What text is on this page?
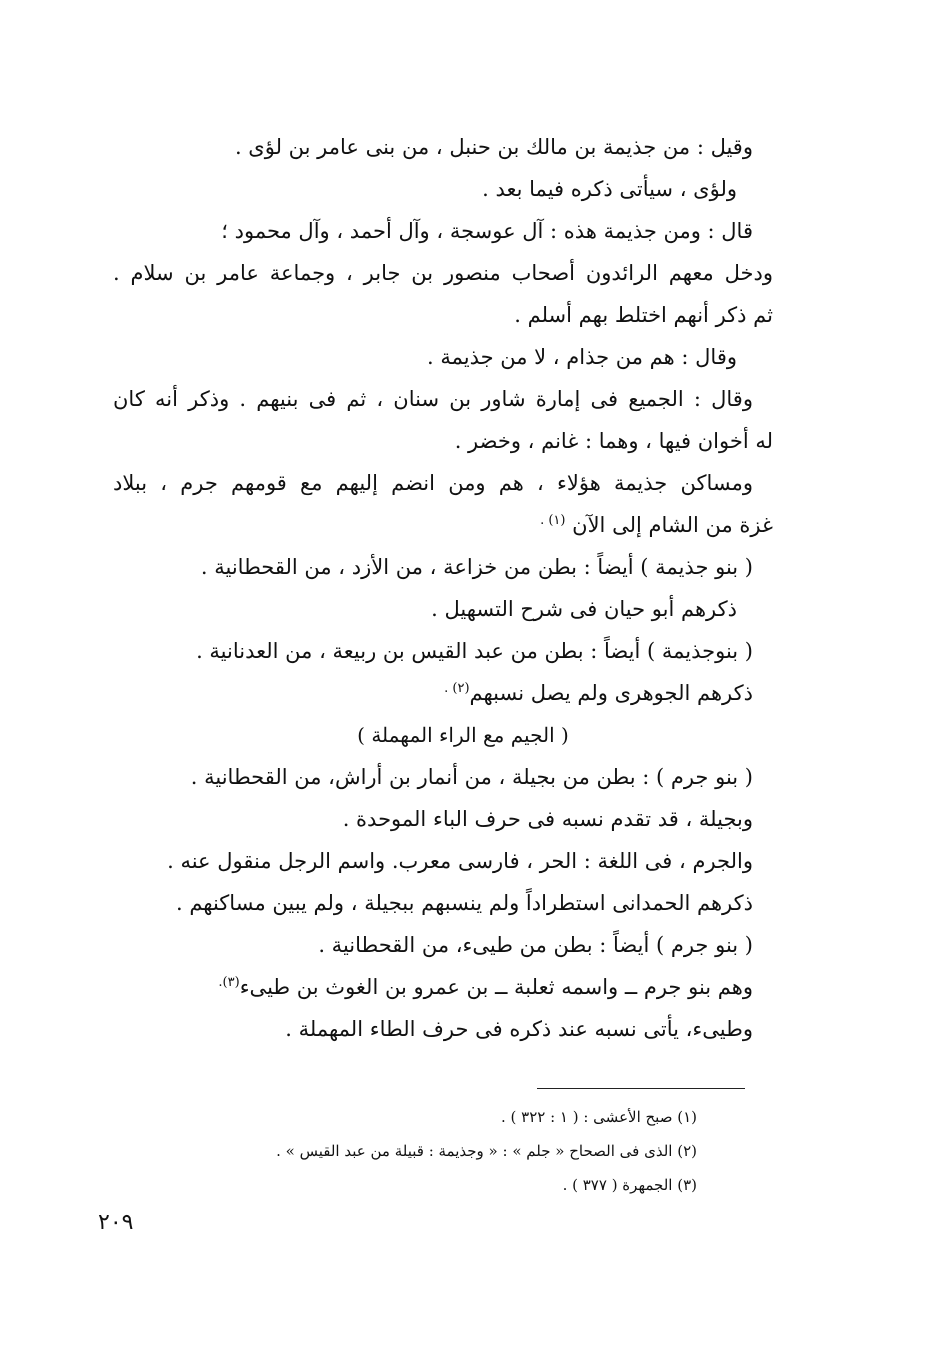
وقيل : من جذيمة بن مالك بن حنبل ، من بنى عامر بن لؤى .
ولؤى ، سيأتى ذكره فيما بعد .
قال : ومن جذيمة هذه : آل عوسجة ، وآل أحمد ، وآل محمود ؛
ودخل معهم الرائدون أصحاب منصور بن جابر ، وجماعة عامر بن سلام .
ثم ذكر أنهم اختلط بهم أسلم .
وقال : هم من جذام ، لا من جذيمة .
وقال : الجميع فى إمارة شاور بن سنان ، ثم فى بنيهم . وذكر أنه كان
له أخوان فيها ، وهما : غانم ، وخضر .
ومساكن جذيمة هؤلاء ، هم ومن انضم إليهم مع قومهم جرم ، ببلاد
غزة من الشام إلى الآن $^{(١) .}$
( بنو جذيمة ) أيضاً : بطن من خزاعة ، من الأزد ، من القحطانية .
ذكرهم أبو حيان فى شرح التسهيل .
( بنوجذيمة ) أيضاً : بطن من عبد القيس بن ربيعة ، من العدنانية .
ذكرهم الجوهرى ولم يصل نسبهم$^{(٢) .}$
( الجيم مع الراء المهملة )
( بنو جرم ) : بطن من بجيلة ، من أنمار بن أراش، من القحطانية .
وبجيلة ، قد تقدم نسبه فى حرف الباء الموحدة .
والجرم ، فى اللغة : الحر ، فارسى معرب. واسم الرجل منقول عنه .
ذكرهم الحمدانى استطراداً ولم ينسبهم ببجيلة ، ولم يبين مساكنهم .
( بنو جرم ) أيضاً : بطن من طيىء، من القحطانية .
وهم بنو جرم ــ واسمه ثعلبة ــ بن عمرو بن الغوث بن طيىء$^{(٣).}$
وطيىء، يأتى نسبه عند ذكره فى حرف الطاء المهملة .
(١) صبح الأعشى : ( ١ : ٣٢٢ ) .
(٢) الذى فى الصحاح « جلم » : « وجذيمة : قبيلة من عبد القيس » .
(٣) الجمهرة ( ٣٧٧ ) .
٢٠٩
